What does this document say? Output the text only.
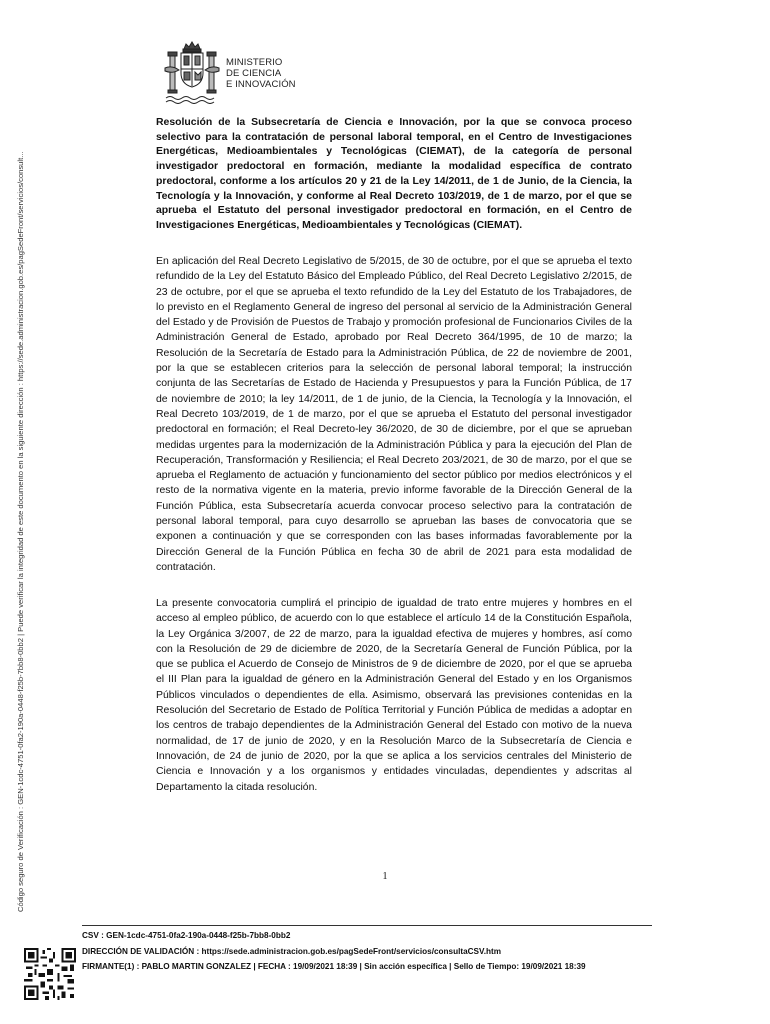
Código seguro de Verificación : GEN-1cdc-4751-0fa2-190a-0448-f25b-7bb8-0bb2 | Puede verificar la integridad de este documento en la siguiente dirección : https://sede.administracion.gob.es/pagSedeFront/servicios/consult...
MINISTERIO
DE CIENCIA
E INNOVACIÓN

Resolución de la Subsecretaría de Ciencia e Innovación, por la que se convoca proceso selectivo para la contratación de personal laboral temporal, en el Centro de Investigaciones Energéticas, Medioambientales y Tecnológicas (CIEMAT), de la categoría de personal investigador predoctoral en formación, mediante la modalidad específica de contrato predoctoral, conforme a los artículos 20 y 21 de la Ley 14/2011, de 1 de Junio, de la Ciencia, la Tecnología y la Innovación, y conforme al Real Decreto 103/2019, de 1 de marzo, por el que se aprueba el Estatuto del personal investigador predoctoral en formación, en el Centro de Investigaciones Energéticas, Medioambientales y Tecnológicas (CIEMAT).

En aplicación del Real Decreto Legislativo de 5/2015, de 30 de octubre, por el que se aprueba el texto refundido de la Ley del Estatuto Básico del Empleado Público, del Real Decreto Legislativo 2/2015, de 23 de octubre, por el que se aprueba el texto refundido de la Ley del Estatuto de los Trabajadores, de lo previsto en el Reglamento General de ingreso del personal al servicio de la Administración General del Estado y de Provisión de Puestos de Trabajo y promoción profesional de Funcionarios Civiles de la Administración General de Estado, aprobado por Real Decreto 364/1995, de 10 de marzo; la Resolución de la Secretaría de Estado para la Administración Pública, de 22 de noviembre de 2001, por la que se establecen criterios para la selección de personal laboral temporal; la instrucción conjunta de las Secretarías de Estado de Hacienda y Presupuestos y para la Función Pública, de 17 de noviembre de 2010; la ley 14/2011, de 1 de junio, de la Ciencia, la Tecnología y la Innovación, el Real Decreto 103/2019, de 1 de marzo, por el que se aprueba el Estatuto del personal investigador predoctoral en formación; el Real Decreto-ley 36/2020, de 30 de diciembre, por el que se aprueban medidas urgentes para la modernización de la Administración Pública y para la ejecución del Plan de Recuperación, Transformación y Resiliencia; el Real Decreto 203/2021, de 30 de marzo, por el que se aprueba el Reglamento de actuación y funcionamiento del sector público por medios electrónicos y el resto de la normativa vigente en la materia, previo informe favorable de la Dirección General de la Función Pública, esta Subsecretaría acuerda convocar proceso selectivo para la contratación de personal laboral temporal, para cuyo desarrollo se aprueban las bases de convocatoria que se exponen a continuación y que se corresponden con las bases informadas favorablemente por la Dirección General de la Función Pública en fecha 30 de abril de 2021 para esta modalidad de contratación.

La presente convocatoria cumplirá el principio de igualdad de trato entre mujeres y hombres en el acceso al empleo público, de acuerdo con lo que establece el artículo 14 de la Constitución Española, la Ley Orgánica 3/2007, de 22 de marzo, para la igualdad efectiva de mujeres y hombres, así como con la Resolución de 29 de diciembre de 2020, de la Secretaría General de Función Pública, por la que se publica el Acuerdo de Consejo de Ministros de 9 de diciembre de 2020, por el que se aprueba el III Plan para la igualdad de género en la Administración General del Estado y en los Organismos Públicos vinculados o dependientes de ella. Asimismo, observará las previsiones contenidas en la Resolución del Secretario de Estado de Política Territorial y Función Pública de medidas a adoptar en los centros de trabajo dependientes de la Administración General del Estado con motivo de la nueva normalidad, de 17 de junio de 2020, y en la Resolución Marco de la Subsecretaría de Ciencia e Innovación, de 24 de junio de 2020, por la que se aplica a los servicios centrales del Ministerio de Ciencia e Innovación y a los organismos y entidades vinculadas, dependientes y adscritas al Departamento la citada resolución.

1
CSV : GEN-1cdc-4751-0fa2-190a-0448-f25b-7bb8-0bb2
DIRECCIÓN DE VALIDACIÓN : https://sede.administracion.gob.es/pagSedeFront/servicios/consultaCSV.htm
FIRMANTE(1) : PABLO MARTIN GONZALEZ | FECHA : 19/09/2021 18:39 | Sin acción específica | Sello de Tiempo: 19/09/2021 18:39
